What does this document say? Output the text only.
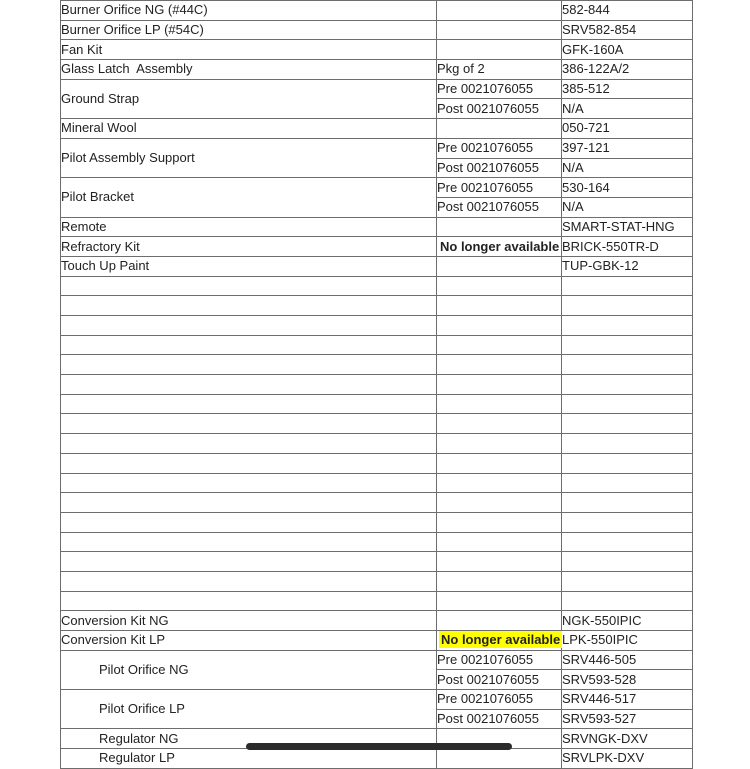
Burner Orifice NG (#44C)		582-844
Burner Orifice LP (#54C)		SRV582-854
Fan Kit		GFK-160A
Glass Latch  Assembly	Pkg of 2	386-122A/2
Ground Strap	Pre 0021076055	385-512
	Post 0021076055	N/A
Mineral Wool		050-721
Pilot Assembly Support	Pre 0021076055	397-121
	Post 0021076055	N/A
Pilot Bracket	Pre 0021076055	530-164
	Post 0021076055	N/A
Remote		SMART-STAT-HNG
Refractory Kit	No longer available	BRICK-550TR-D
Touch Up Paint		TUP-GBK-12

Conversion Kit NG		NGK-550IPIC
Conversion Kit LP	No longer available	LPK-550IPIC
Pilot Orifice NG	Pre 0021076055	SRV446-505
	Post 0021076055	SRV593-528
Pilot Orifice LP	Pre 0021076055	SRV446-517
	Post 0021076055	SRV593-527
Regulator NG		SRVNGK-DXV
Regulator LP		SRVLPK-DXV
